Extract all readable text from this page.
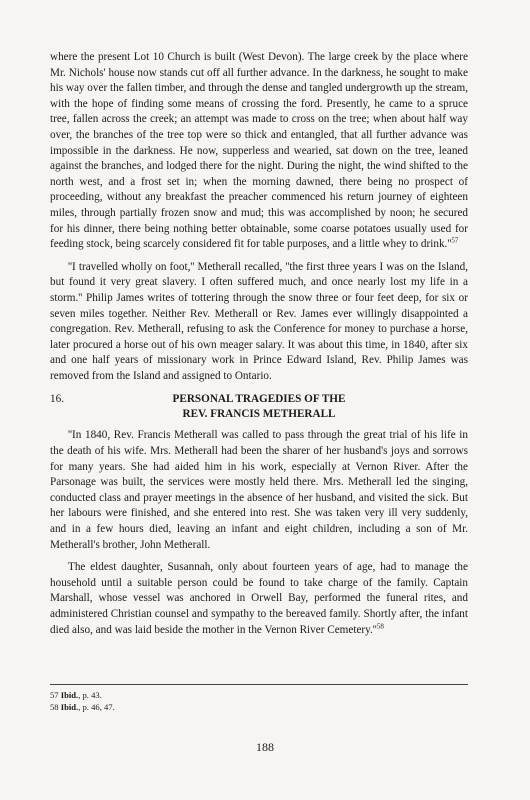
where the present Lot 10 Church is built (West Devon). The large creek by the place where Mr. Nichols' house now stands cut off all further advance. In the darkness, he sought to make his way over the fallen timber, and through the dense and tangled undergrowth up the stream, with the hope of finding some means of crossing the ford. Presently, he came to a spruce tree, fallen across the creek; an attempt was made to cross on the tree; when about half way over, the branches of the tree top were so thick and entangled, that all further advance was impossible in the darkness. He now, supperless and wearied, sat down on the tree, leaned against the branches, and lodged there for the night. During the night, the wind shifted to the north west, and a frost set in; when the morning dawned, there being no prospect of proceeding, without any breakfast the preacher commenced his return journey of eighteen miles, through partially frozen snow and mud; this was accomplished by noon; he secured for his dinner, there being nothing better obtainable, some coarse potatoes usually used for feeding stock, being scarcely considered fit for table purposes, and a little whey to $drink.''^{57}$

''I travelled wholly on foot,'' Metherall recalled, ''the first three years I was on the Island, but found it very great slavery. I often suffered much, and once nearly lost my life in a storm.'' Philip James writes of tottering through the snow three or four feet deep, for six or seven miles together. Neither Rev. Metherall or Rev. James ever willingly disappointed a congregation. Rev. Metherall, refusing to ask the Conference for money to purchase a horse, later procured a horse out of his own meager salary. It was about this time, in 1840, after six and one half years of missionary work in Prince Edward Island, Rev. Philip James was removed from the Island and assigned to Ontario.

16.	PERSONAL TRAGEDIES OF THE
REV. FRANCIS METHERALL

''In 1840, Rev. Francis Metherall was called to pass through the great trial of his life in the death of his wife. Mrs. Metherall had been the sharer of her husband's joys and sorrows for many years. She had aided him in his work, especially at Vernon River. After the Parsonage was built, the services were mostly held there. Mrs. Metherall led the singing, conducted class and prayer meetings in the absence of her husband, and visited the sick. But her labours were finished, and she entered into rest. She was taken very ill very suddenly, and in a few hours died, leaving an infant and eight children, including a son of Mr. Metherall's brother, John Metherall.

The eldest daughter, Susannah, only about fourteen years of age, had to manage the household until a suitable person could be found to take charge of the family. Captain Marshall, whose vessel was anchored in Orwell Bay, performed the funeral rites, and administered Christian counsel and sympathy to the bereaved family. Shortly after, the infant died also, and was laid beside the mother in the Vernon River $Cemetery.''^{58}$

57 Ibid., p. 43.
58 Ibid., p. 46, 47.
188
